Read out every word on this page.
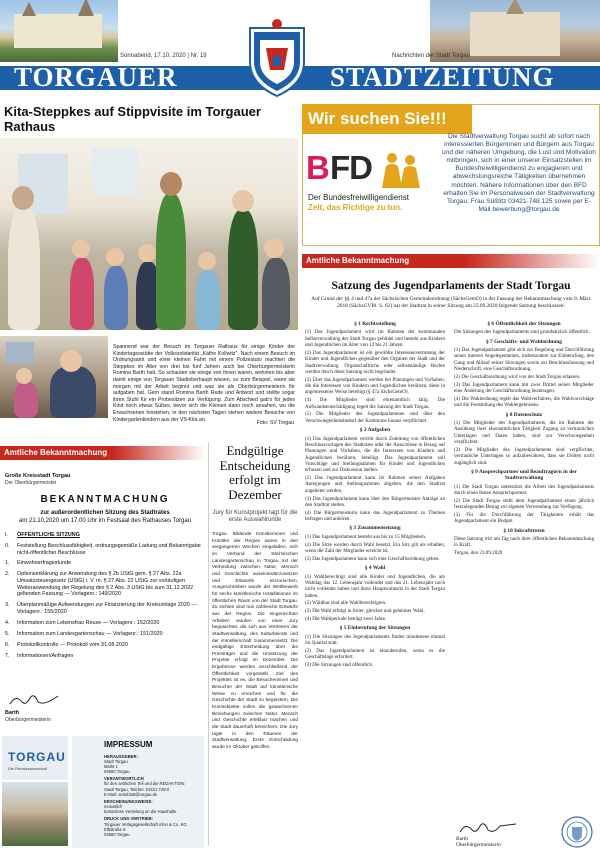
Sonnabend, 17.10. 2020 | Nr. 19	Nachrichten der Stadt Torgau
TORGAUER	STADTZEITUNG
Kita-Steppkes auf Stippvisite im Torgauer Rathaus
Spannend war der Besuch im Torgauer Rathaus für einige Kinder der Kindertagesstätte der Volkssolidarität „Käthe Kollwitz". Nach einem Besuch im Ordnungsamt und einer kleinen Fahrt mit einem Polizeiauto machten die Steppkes im Alter von drei bis fünf Jahren auch bei Oberbürgermeisterin Romina Barth halt. So schauten sie einige von ihnen waren, wohnten bis aber damit einige von Torgauer Stadtoberhaupt wissen, so zum Beispiel, wann sie morgen mit der Arbeit beginnt und was sie als Oberbürgermeisterin für aufgaben hat. Gern stand Romina Barth Rede und Antwort und stellte sogar ihren Stuhl für ein Probesitzen zur Verfügung. Zum Abschied gab's für jedes Kind noch etwas Süßes, bevor sich die Kleinen dann noch ansahen, wo die Erwachsenen hinstehen, in den nächsten Tagen stehen weitere Besuche von Kindergartenkindern aus der VS-Kita an.
Foto: SV Torgau
Wir suchen Sie!!!
B FD
Der Bundesfreiwilligendienst
Zeit, das Richtige zu tun.
Die Stadtverwaltung Torgau sucht ab sofort nach interessierten Bürgerinnen und Bürgern aus Torgau und der näheren Umgebung, die Lust und Motivation mitbringen, sich in einer unserer Einsatzstellen im Bundesfreiwilligendienst zu engagieren und abwechslungsreiche Tätigkeiten übernehmen möchten. Nähere Informationen über den BFD erhalten Sie im Personalwesen der Stadtverwaltung Torgau: Frau Süßlitz 03421-748 125 sowie per E-Mail bewerbung@torgau.de
Amtliche Bekanntmachung
Amtliche Bekanntmachung
Satzung des Jugendparlaments der Stadt Torgau
Auf Grund der §§ 4 und 47a der Sächsischen Gemeindeordnung (SächsGemO) in der Fassung der Bekanntmachung vom 9. März 2018 (SächsGVBl. S. 62) hat der Stadtrat in seiner Sitzung am 23.09.2020 folgende Satzung beschlossen:
§ 1 Rechtsstellung
(1) Das Jugendparlament wird im Rahmen der kommunalen Selbstverwaltung der Stadt Torgau gebildet und besteht aus Kindern und Jugendlichen im Alter von 12 bis 21 Jahren.
(2) Das Jugendparlament ist ein gewählte Interessenvertretung der Kinder und Jugendlichen gegenüber den Organen der Stadt und der Stadtverwaltung. Organschaftliche oder selbstständige Rechte werden durch diese Satzung nicht begründet.
(3) Über das Jugendparlament werden bei Planungen und Vorhaben, die die Interessen von Kindern und Jugendlichen berühren, diese in angemessener Weise beteiligt (§ 47a SächsGemO).
(4) Die Mitglieder sind ehrenamtlich tätig. Die Aufwandsentschädigung regelt die Satzung der Stadt Torgau.
(5) Die Mitglieder des Jugendparlaments sind über den Verschwiegenheitsbedarf der Kommune hinaus verpflichtet.
§ 2 Aufgaben
(1) Das Jugendparlament vertritt durch Zuleitung von öffentlichen Beschlussvorlagen des Stadtrates oder der Ausschüsse in Bezug auf Planungen und Vorhaben, die die Interessen von Kindern und Jugendlichen berühren, beteiligt. Das Jugendparlament soll Vorschläge und Stellungnahmen für Kinder und Jugendlichen erfassen und zur Diskussion stellen.
(2) Das Jugendparlament kann im Rahmen seiner Aufgaben Anregungen und Stellungnahmen abgeben, die den Stadtrat zugeleitet werden.
(3) Das Jugendparlament kann über den Bürgermeister Anträge an den Stadtrat stellen.
(4) Die Bürgermeisterin kann das Jugendparlament zu Themen befragen und anhören.
§ 3 Zusammensetzung
(1) Das Jugendparlament besteht aus bis zu 15 Mitgliedern.
(2) Die Sitze werden durch Wahl besetzt. Ein Sitz gilt als erhalten, wenn die Zahl der Mitglieder erreicht ist.
(3) Das Jugendparlament kann sich eine Geschäftsordnung geben.
§ 4 Wahl
(1) Wahlberechtigt sind alle Kinder und Jugendlichen, die am Wahltag das 12. Lebensjahr vollendet und das 21. Lebensjahr noch nicht vollendet haben und ihren Hauptwohnsitz in der Stadt Torgau haben.
(2) Wählbar sind alle Wahlberechtigten.
(3) Die Wahl erfolgt in freier, gleicher und geheimer Wahl.
(4) Die Wahlperiode beträgt zwei Jahre.
§ 5 Einberufung der Sitzungen
(1) Die Sitzungen des Jugendparlaments finden mindestens einmal im Quartal statt.
(2) Das Jugendparlament ist einzuberufen, wenn es die Geschäftslage erfordert.
(3) Die Sitzungen sind öffentlich.
§ 6 Öffentlichkeit der Sitzungen
Die Sitzungen des Jugendparlaments sind grundsätzlich öffentlich.
§ 7 Geschäfts- und Wahlordnung
(1) Das Jugendparlament gibt sich zur Regelung und Durchführung seiner inneren Angelegenheiten, insbesondere zur Einberufung, den Gang und Ablauf seiner Sitzungen sowie zur Beschlussfassung und Niederschrift, eine Geschäftsordnung.
(2) Die Geschäftsordnung wird von der Stadt Torgau erlassen.
(3) Das Jugendparlament kann mit zwei Drittel seiner Mitglieder eine Änderung der Geschäftsordnung beantragen.
(4) Die Wahlordnung regelt das Wahlverfahren, die Wahlvorschläge und die Feststellung des Wahlergebnisses.
§ 8 Datenschutz
(1) Die Mitglieder des Jugendparlaments, die im Rahmen der Ausübung ihrer ehrenamtlichen Tätigkeit Zugang zu vertraulichen Unterlagen und Daten haben, sind zur Verschwiegenheit verpflichtet.
(2) Die Mitglieder des Jugendparlaments sind verpflichtet, vertrauliche Unterlagen so aufzubewahren, dass sie Dritten nicht zugänglich sind.
§ 9 Ansprechpartner und Beauftragte/n in der Stadtverwaltung
(1) Die Stadt Torgau unterstützt die Arbeit des Jugendparlaments durch einen festen Ansprechpartner.
(2) Die Stadt Torgau stellt dem Jugendparlament einen jährlich festzulegenden Betrag zur eigenen Verwendung zur Verfügung.
(3) Für die Durchführung der Tätigkeiten erhält das Jugendparlament ein Budget.
§ 10 Inkrafttreten
Diese Satzung tritt am Tag nach ihrer öffentlichen Bekanntmachung in Kraft.
Torgau, den 23.09.2020
Barth
Oberbürgermeisterin
Große Kreisstadt Torgau
Der Oberbürgermeister
BEKANNTMACHUNG
zur außerordentlichen Sitzung des Stadtrates
am 21.10.2020 um 17.00 Uhr im Festsaal des Rathauses Torgau
I.	ÖFFENTLICHE SITZUNG
0.	Feststellung Beschlussfähigkeit, ordnungsgemäße Ladung und Bekanntgabe nicht-öffentlicher Beschlüsse
1.	Einwohnerfragestunde
2.	Optionserklärung zur Anwendung des § 2b UStG gem. § 27 Abs. 22a Umsatzsteuergesetz (UStG) i. V. m. § 27 Abs. 22 UStG zur vorläufigen Weiteranwendung der Regelung des § 2 Abs. 3 UStG bis zum 31.12.2022 geltenden Fassung — Vorlagenr.: 149/2020
3.	Überplanmäßige Aufwendungen zur Finanzierung der Kreisumlage 2020 — Vorlagenr.: 155/2020
4.	Information zum Lebensfrau Reuse — Vorlagenr.: 152/2020
5.	Information zum Landesgartenschau — Vorlagenr.: 151/2020
6.	Protokollkontrolle — Protokoll vom 31.08.2020
7.	Informationen/Anfragen
Barth
Oberbürgermeisterin
TORGAU
Die Renaissancestadt
IMPRESSUM
HERAUSGEBER:
Stadt Torgau
Markt 1
04860 Torgau
VERANTWORTLICH
für den amtlichen Teil und die REDAKTION:
Stadt Torgau, Telefon: 03421 748-0
E-Mail: amtsblatt@torgau.de
ERSCHEINUNGSWEISE:
monatlich
kostenlose Verteilung an die Haushalte
DRUCK UND VERTRIEB:
Torgauer Verlagsgesellschaft mbH & Co. KG
Elbstraße 6
04860 Torgau
Endgültige Entscheidung erfolgt im Dezember
Jury für Kunstprojekt tagt für die erste Auswahlrunde
Torgau. Bildende Künstlerinnen und Künstler der Region waren in den vergangenen Wochen eingeladen, sich im Verbund der Sächsischen Landesgartenschau in Torgau mit der Verbindung zwischen Natur, Mensch und Geschichte auseinanderzusetzen und Entwürfe einzureichen. Ausgeschrieben wurde der Wettbewerb für sechs künstlerische Installationen im öffentlichen Raum von der Stadt Torgau. Zu sichten sind nun zahlreiche Entwürfe aus der Region. Die eingereichten Arbeiten wurden von einer Jury begutachtet, die sich aus Vertretern der Stadtverwaltung, des Kulturbeirats und der Künstlerschaft zusammensetzt. Die endgültige Entscheidung über die Preisträger und die Umsetzung der Projekte erfolgt im Dezember. Die Ergebnisse werden anschließend der Öffentlichkeit vorgestellt. Ziel des Projektes ist es, die Besucherinnen und Besucher der Stadt auf künstlerische Weise zu erreichen und für die Geschichte der Stadt zu begeistern. Die Kunstobjekte sollen die gewachsenen Beziehungen zwischen Natur, Mensch und Geschichte erlebbar machen und die Stadt dauerhaft bereichern. Die Jury tagte in den Räumen der Stadtverwaltung. Erste Entscheidung wurde im Oktober getroffen.
